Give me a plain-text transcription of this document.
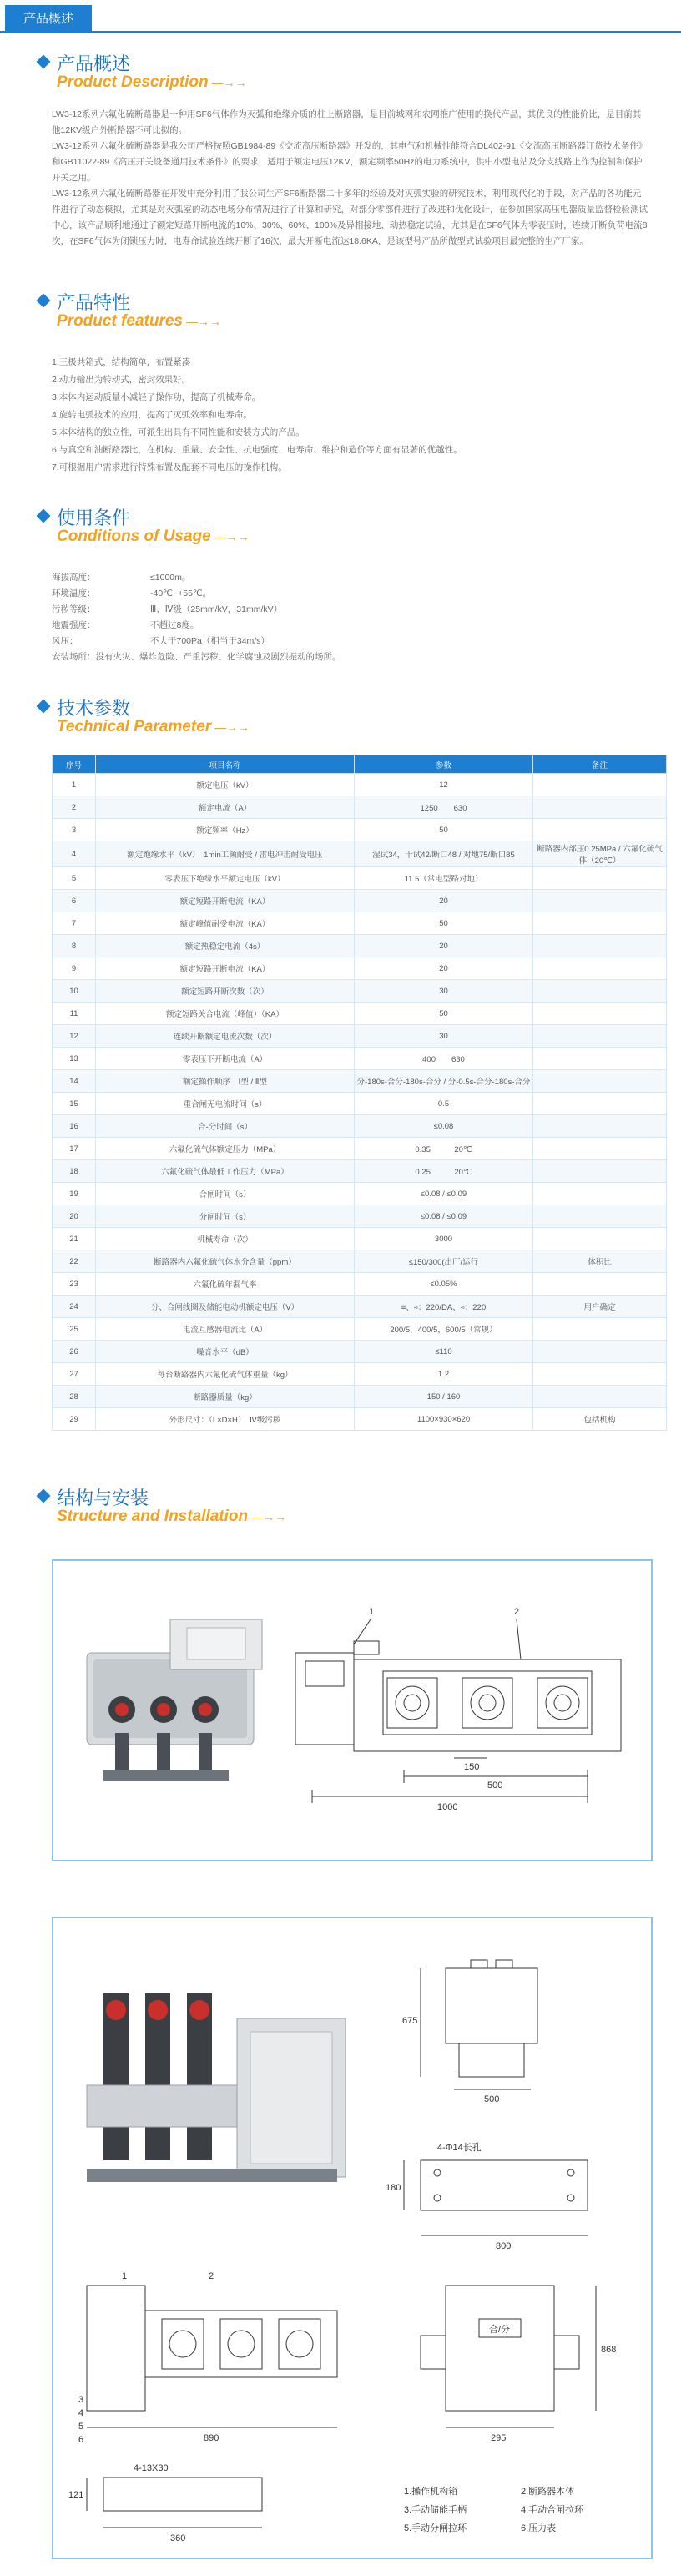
产品概述
产品概述
Product Description —→→

LW3-12系列六氟化硫断路器是一种用SF6气体作为灭弧和绝缘介质的柱上断路器，是目前城网和农网推广使用的换代产品，其优良的性能价比，是目前其他12KV级户外断路器不可比拟的。

LW3-12系列六氟化硫断路器是我公司严格按照GB1984-89《交流高压断路器》开发的，其电气和机械性能符合DL402-91《交流高压断路器订货技术条件》和GB11022-89《高压开关设备通用技术条件》的要求，适用于额定电压12KV，额定频率50Hz的电力系统中，供中小型电站及分支线路上作为控制和保护开关之用。

LW3-12系列六氟化硫断路器在开发中充分利用了我公司生产SF6断路器二十多年的经验及对灭弧实验的研究技术，利用现代化的手段，对产品的各功能元件进行了动态模拟，尤其是对灭弧室的动态电场分布情况进行了计算和研究，对部分零部件进行了改进和优化设计，在参加国家高压电器质量监督检验测试中心，该产品顺利地通过了额定短路开断电流的10%、30%、60%、100%及异相接地、动热稳定试验，尤其是在SF6气体为零表压时，连续开断负荷电流8次，在SF6气体为闭锁压力时，电寿命试验连续开断了16次，最大开断电流达18.6KA，是该型号产品所做型式试验项目最完整的生产厂家。

产品特性
Product features —→→
1.三极共箱式，结构简单，布置紧凑
2.动力输出为转动式，密封效果好。
3.本体内运动质量小减轻了操作功，提高了机械寿命。
4.旋转电弧技术的应用，提高了灭弧效率和电寿命。
5.本体结构的独立性，可派生出具有不同性能和安装方式的产品。
6.与真空和油断路器比，在机构、重量、安全性、抗电强度、电寿命、维护和造价等方面有显著的优越性。
7.可根据用户需求进行特殊布置及配套不同电压的操作机构。
使用条件
Conditions of Usage —→→
海拔高度：	≤1000m。
环境温度：	-40℃~+55℃。
污秽等级：	Ⅲ、Ⅳ级（25mm/kV，31mm/kV）
地震强度：	不超过8度。
风压：	不大于700Pa（相当于34m/s）
安装场所：没有火灾、爆炸危险、严重污秽、化学腐蚀及剧烈振动的场所。
技术参数
Technical Parameter —→→
序号	项目名称	参数	备注
1	额定电压（kV）	12	
2	额定电流（A）	1250　　630	
3	额定频率（Hz）	50	
4	额定绝缘水平（kV）　1min工频耐受 / 雷电冲击耐受电压	湿试34，干试42/断口48 / 对地75/断口85	断路器内部压0.25MPa / 六氟化硫气体（20℃）
5	零表压下绝缘水平额定电压（kV）	11.5（常电型路对地）	
6	额定短路开断电流（KA）	20	
7	额定峰值耐受电流（KA）	50	
8	额定热稳定电流（4s）	20	
9	额定短路开断电流（KA）	20	
10	额定短路开断次数（次）	30	
11	额定短路关合电流（峰值）（KA）	50	
12	连续开断额定电流次数（次）	30	
13	零表压下开断电流（A）	400　　630	
14	额定操作顺序　Ⅰ型 / Ⅱ型	分-180s-合分-180s-合分 / 分-0.5s-合分-180s-合分	
15	重合闸无电流时间（s）	0.5	
16	合-分时间（s）	≤0.08	
17	六氟化硫气体额定压力（MPa）	0.35　　　20℃	
18	六氟化硫气体最低工作压力（MPa）	0.25　　　20℃	
19	合闸时间（s）	≤0.08 / ≤0.09	
20	分闸时间（s）	≤0.08 / ≤0.09	
21	机械寿命（次）	3000	
22	断路器内六氟化硫气体水分含量（ppm）	≤150/300(出厂/运行	体积比
23	六氟化硫年漏气率	≤0.05%	
24	分、合闸线圈及储能电动机额定电压（V）	≡、≈：220/DA、≈：220	用户确定
25	电流互感器电流比（A）	200/5，400/5，600/5（常规）	
26	噪音水平（dB）	≤110	
27	每台断路器内六氟化硫气体重量（kg）	1.2	
28	断路器质量（kg）	150 / 160	
29	外形尺寸：（L×D×H）　Ⅳ级污秽	1100×930×620	包括机构
结构与安装
Structure and Installation —→→
1	2
150
500
1000
675
500
4-Φ14长孔
180
800
1	2
3
4
5
6	890
合/分
295
868
4-13X30
121
360
1.操作机构箱	2.断路器本体
3.手动储能手柄	4.手动合闸拉环
5.手动分闸拉环	6.压力表
